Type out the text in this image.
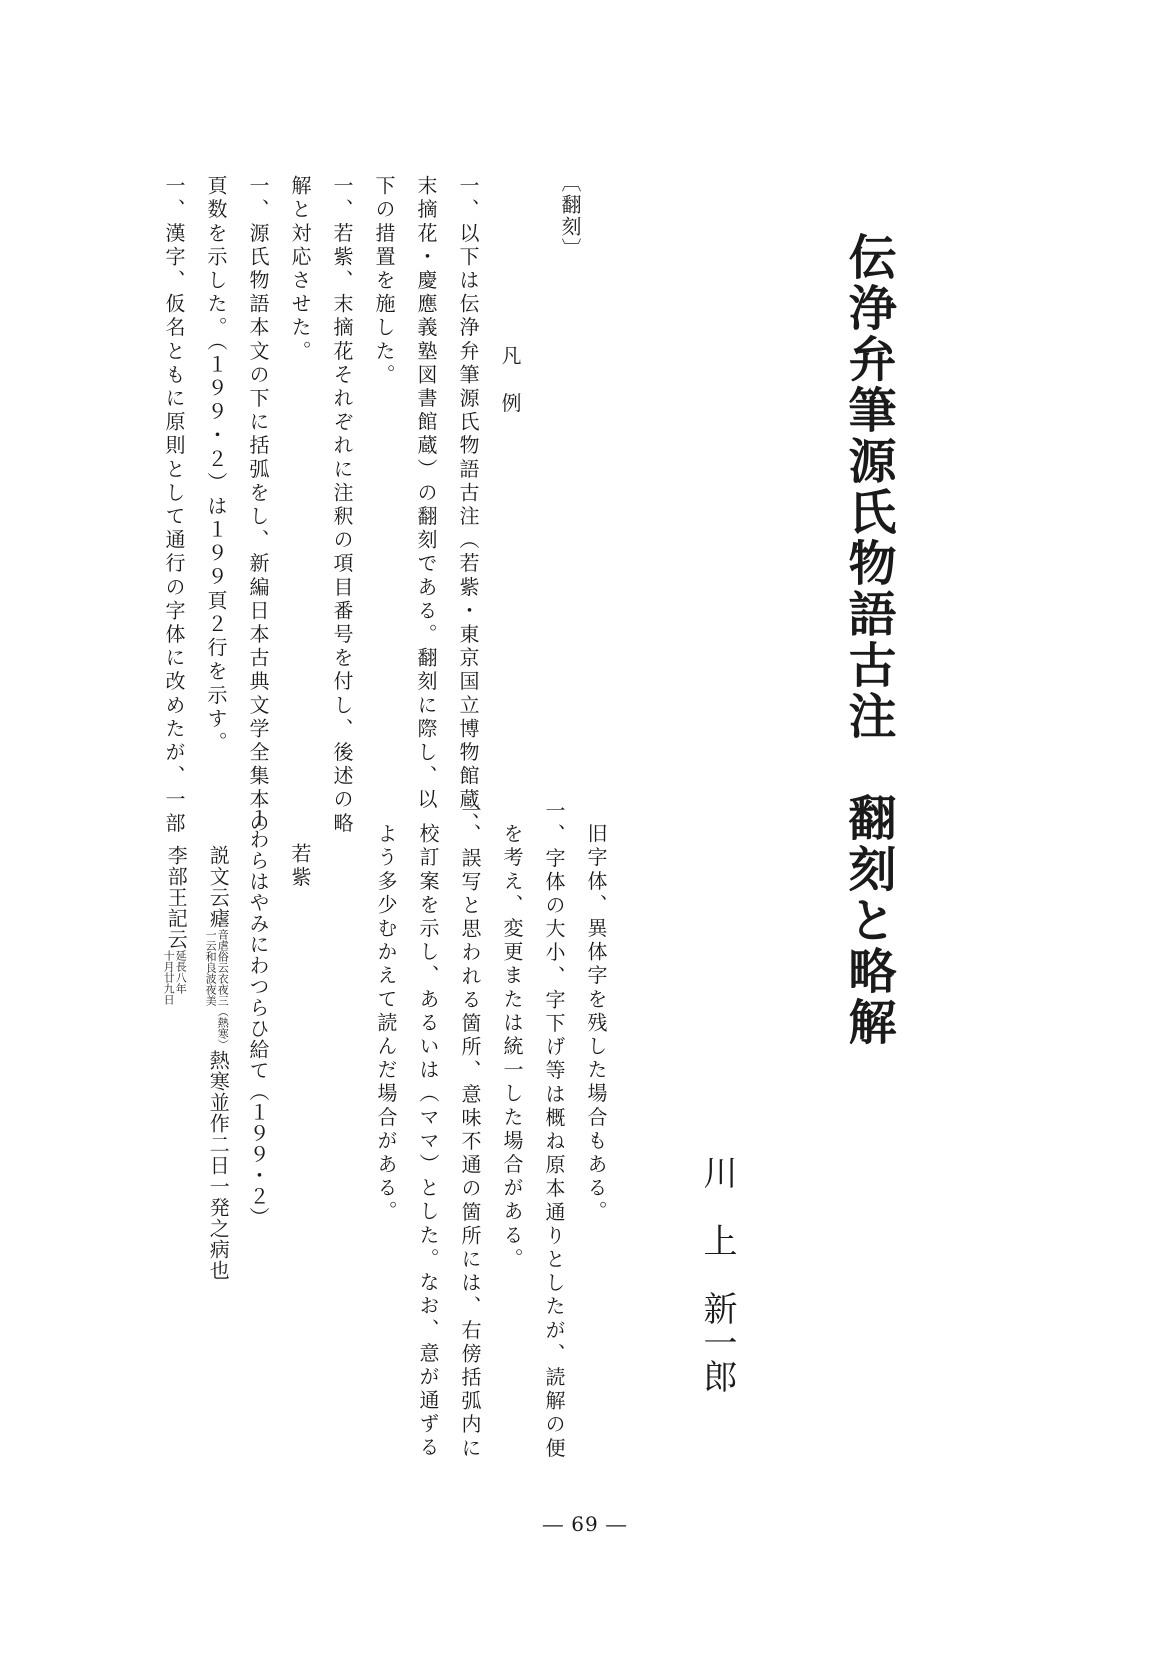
伝浄弁筆源氏物語古注　翻刻と略解
川　上　新一郎
〔翻刻〕
凡　例
一、以下は伝浄弁筆源氏物語古注（若紫・東京国立博物館蔵、
末摘花・慶應義塾図書館蔵）の翻刻である。翻刻に際し、以
下の措置を施した。
一、若紫、末摘花それぞれに注釈の項目番号を付し、後述の略
解と対応させた。
一、源氏物語本文の下に括弧をし、新編日本古典文学全集本の
頁数を示した。（１９９・２）は１９９頁２行を示す。
一、漢字、仮名ともに原則として通行の字体に改めたが、一部
旧字体、異体字を残した場合もある。
一、字体の大小、字下げ等は概ね原本通りとしたが、読解の便
を考え、変更または統一した場合がある。
一、誤写と思われる箇所、意味不通の箇所には、右傍括弧内に
校訂案を示し、あるいは（ママ）とした。なお、意が通ずる
よう多少むかえて読んだ場合がある。
若紫
１わらはやみにわつらひ給て（１９９・２）
説文云瘧音虐俗云衣夜三（熱寒）
一云和良波夜美熱寒並作二日一発之病也
李部王記云延長八年
十月廿九日
― 69 ―
